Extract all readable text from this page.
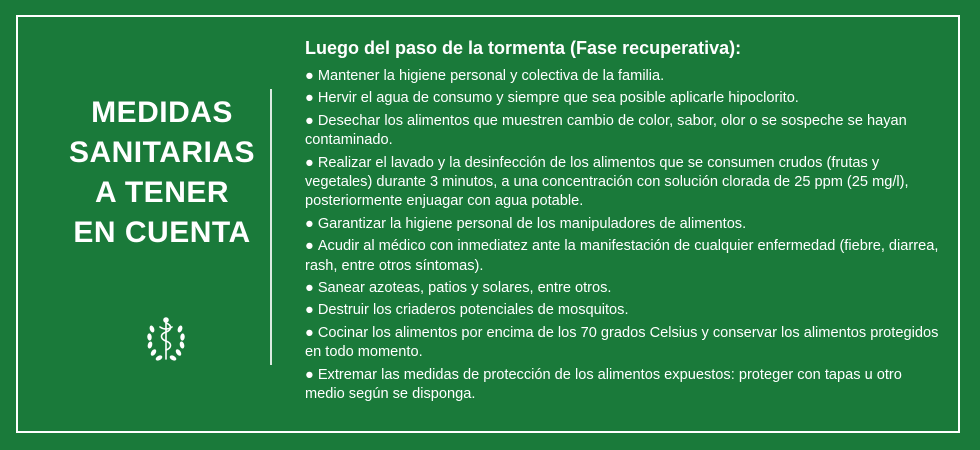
MEDIDAS
SANITARIAS
A TENER
EN CUENTA
Luego del paso de la tormenta (Fase recuperativa):
● Mantener la higiene personal y colectiva de la familia.
● Hervir el agua de consumo y siempre que sea posible aplicarle hipoclorito.
● Desechar los alimentos que muestren cambio de color, sabor, olor o se sospeche se hayan contaminado.
● Realizar el lavado y la desinfección de los alimentos que se consumen crudos (frutas y vegetales) durante 3 minutos, a una concentración con solución clorada de 25 ppm (25 mg/l), posteriormente enjuagar con agua potable.
● Garantizar la higiene personal de los manipuladores de alimentos.
● Acudir al médico con inmediatez ante la manifestación de cualquier enfermedad (fiebre, diarrea, rash, entre otros síntomas).
● Sanear azoteas, patios y solares, entre otros.
● Destruir los criaderos potenciales de mosquitos.
● Cocinar los alimentos por encima de los 70 grados Celsius y conservar los alimentos protegidos en todo momento.
● Extremar las medidas de protección de los alimentos expuestos: proteger con tapas u otro medio según se disponga.
